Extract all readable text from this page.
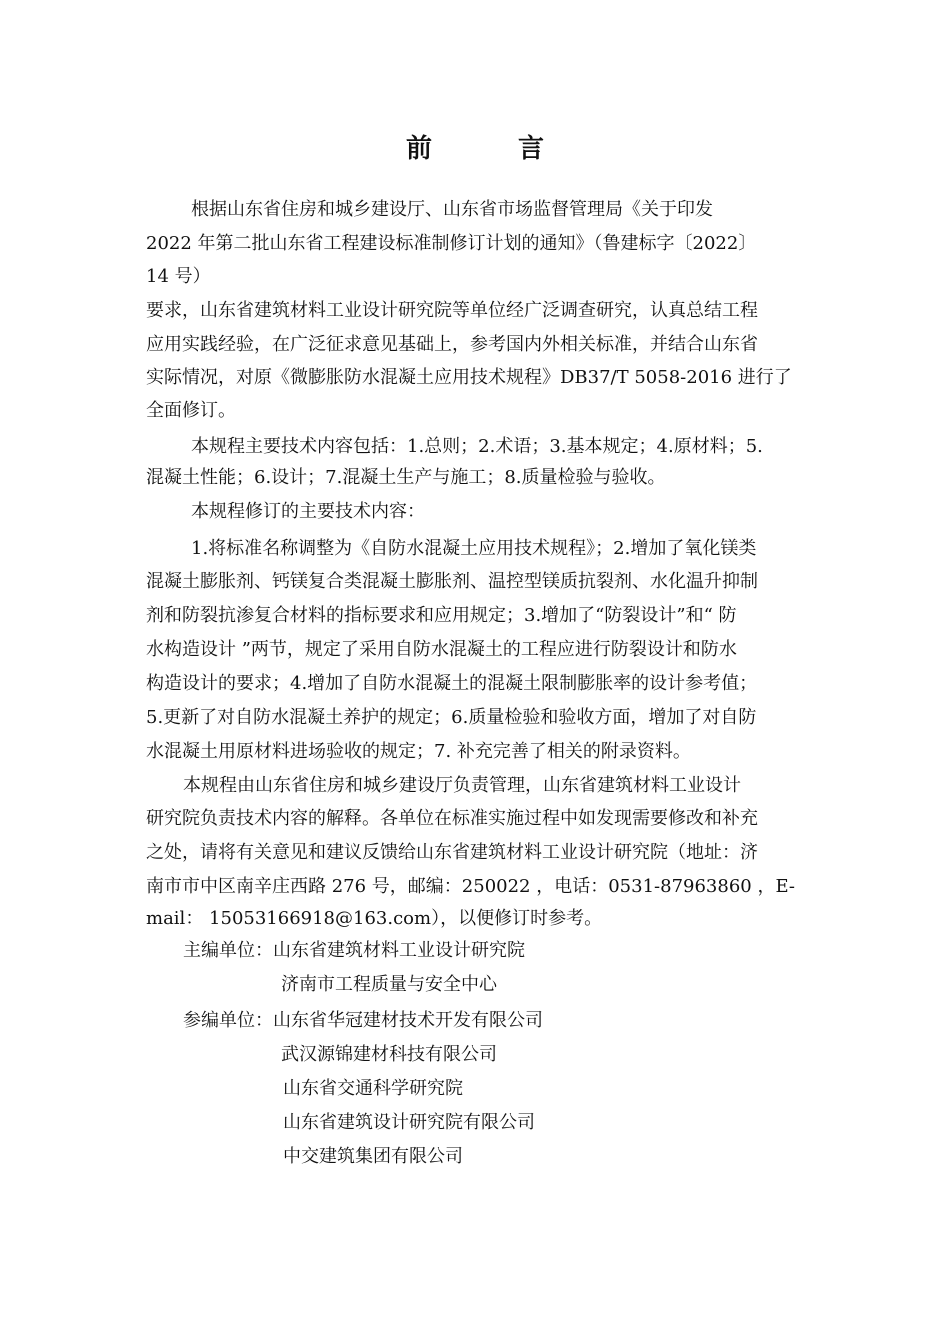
前	言
根据山东省住房和城乡建设厅、山东省市场监督管理局《关于印发
2022 年第二批山东省工程建设标准制修订计划的通知》（鲁建标字〔2022〕
14 号）
要求，山东省建筑材料工业设计研究院等单位经广泛调查研究，认真总结工程
应用实践经验，在广泛征求意见基础上，参考国内外相关标准，并结合山东省
实际情况，对原《微膨胀防水混凝土应用技术规程》DB37/T 5058-2016 进行了
全面修订。
本规程主要技术内容包括：1.总则；2.术语；3.基本规定；4.原材料；5.
混凝土性能；6.设计；7.混凝土生产与施工；8.质量检验与验收。
本规程修订的主要技术内容：
1.将标准名称调整为《自防水混凝土应用技术规程》；2.增加了氧化镁类
混凝土膨胀剂、钙镁复合类混凝土膨胀剂、温控型镁质抗裂剂、水化温升抑制
剂和防裂抗渗复合材料的指标要求和应用规定；3.增加了“防裂设计”和“ 防
水构造设计 ”两节，规定了采用自防水混凝土的工程应进行防裂设计和防水
构造设计的要求；4.增加了自防水混凝土的混凝土限制膨胀率的设计参考值；
5.更新了对自防水混凝土养护的规定；6.质量检验和验收方面，增加了对自防
水混凝土用原材料进场验收的规定；7. 补充完善了相关的附录资料。
本规程由山东省住房和城乡建设厅负责管理，山东省建筑材料工业设计
研究院负责技术内容的解释。各单位在标准实施过程中如发现需要修改和补充
之处，请将有关意见和建议反馈给山东省建筑材料工业设计研究院（地址：济
南市市中区南辛庄西路 276 号，邮编：250022 ，电话：0531-87963860 ，E-
mail： 15053166918@163.com），以便修订时参考。
主编单位：山东省建筑材料工业设计研究院
济南市工程质量与安全中心
参编单位：山东省华冠建材技术开发有限公司
武汉源锦建材科技有限公司
山东省交通科学研究院
山东省建筑设计研究院有限公司
中交建筑集团有限公司
